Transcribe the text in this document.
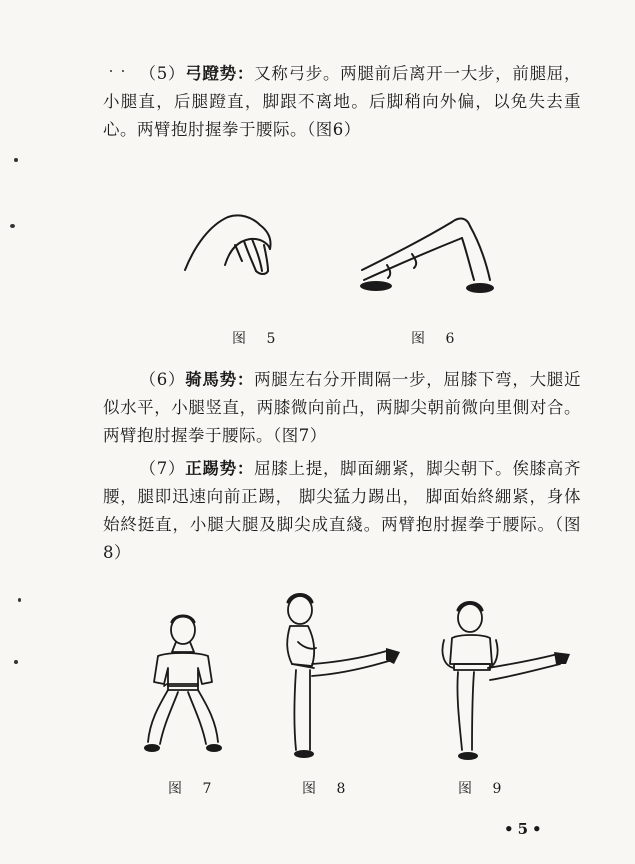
（5）弓蹬势：又称弓步。两腿前后离开一大步，前腿屈，小腿直，后腿蹬直，脚跟不离地。后脚稍向外偏，以免失去重心。两臂抱肘握拳于腰际。（图6）

图 5	图 6

（6）骑馬势：两腿左右分开間隔一步，屈膝下弯，大腿近似水平，小腿竖直，两膝微向前凸，两脚尖朝前微向里側对合。两臂抱肘握拳于腰际。（图7）

（7）正踢势：屈膝上提，脚面綳紧，脚尖朝下。俟膝高齐腰，腿即迅速向前正踢， 脚尖猛力踢出， 脚面始終綳紧，身体始終挺直，小腿大腿及脚尖成直綫。两臂抱肘握拳于腰际。（图8）

图 7	图 8	图 9
•5•
